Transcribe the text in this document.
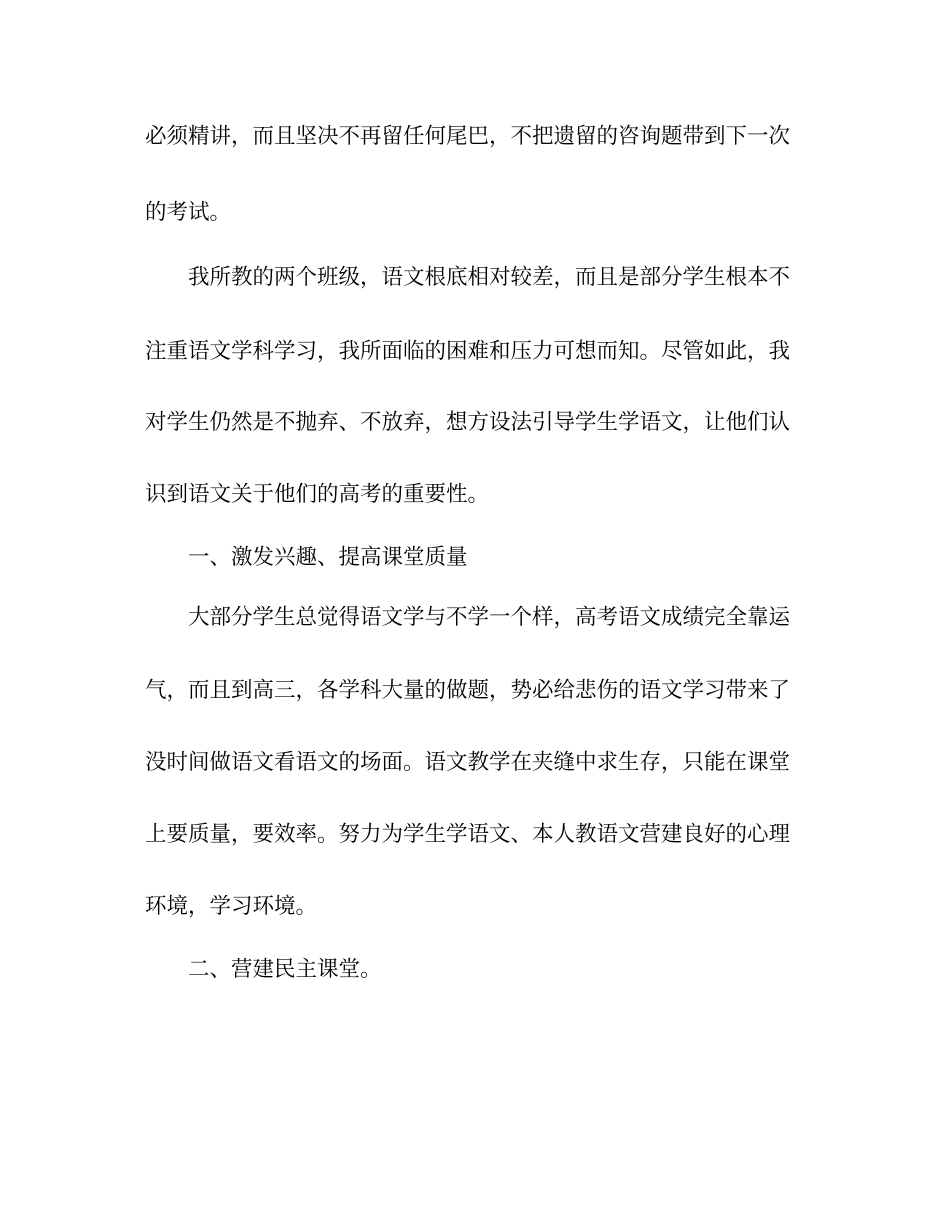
必须精讲，而且坚决不再留任何尾巴，不把遗留的咨询题带到下一次
的考试。
我所教的两个班级，语文根底相对较差，而且是部分学生根本不
注重语文学科学习，我所面临的困难和压力可想而知。尽管如此，我
对学生仍然是不抛弃、不放弃，想方设法引导学生学语文，让他们认
识到语文关于他们的高考的重要性。
一、激发兴趣、提高课堂质量
大部分学生总觉得语文学与不学一个样，高考语文成绩完全靠运
气，而且到高三，各学科大量的做题，势必给悲伤的语文学习带来了
没时间做语文看语文的场面。语文教学在夹缝中求生存，只能在课堂
上要质量，要效率。努力为学生学语文、本人教语文营建良好的心理
环境，学习环境。
二、营建民主课堂。
